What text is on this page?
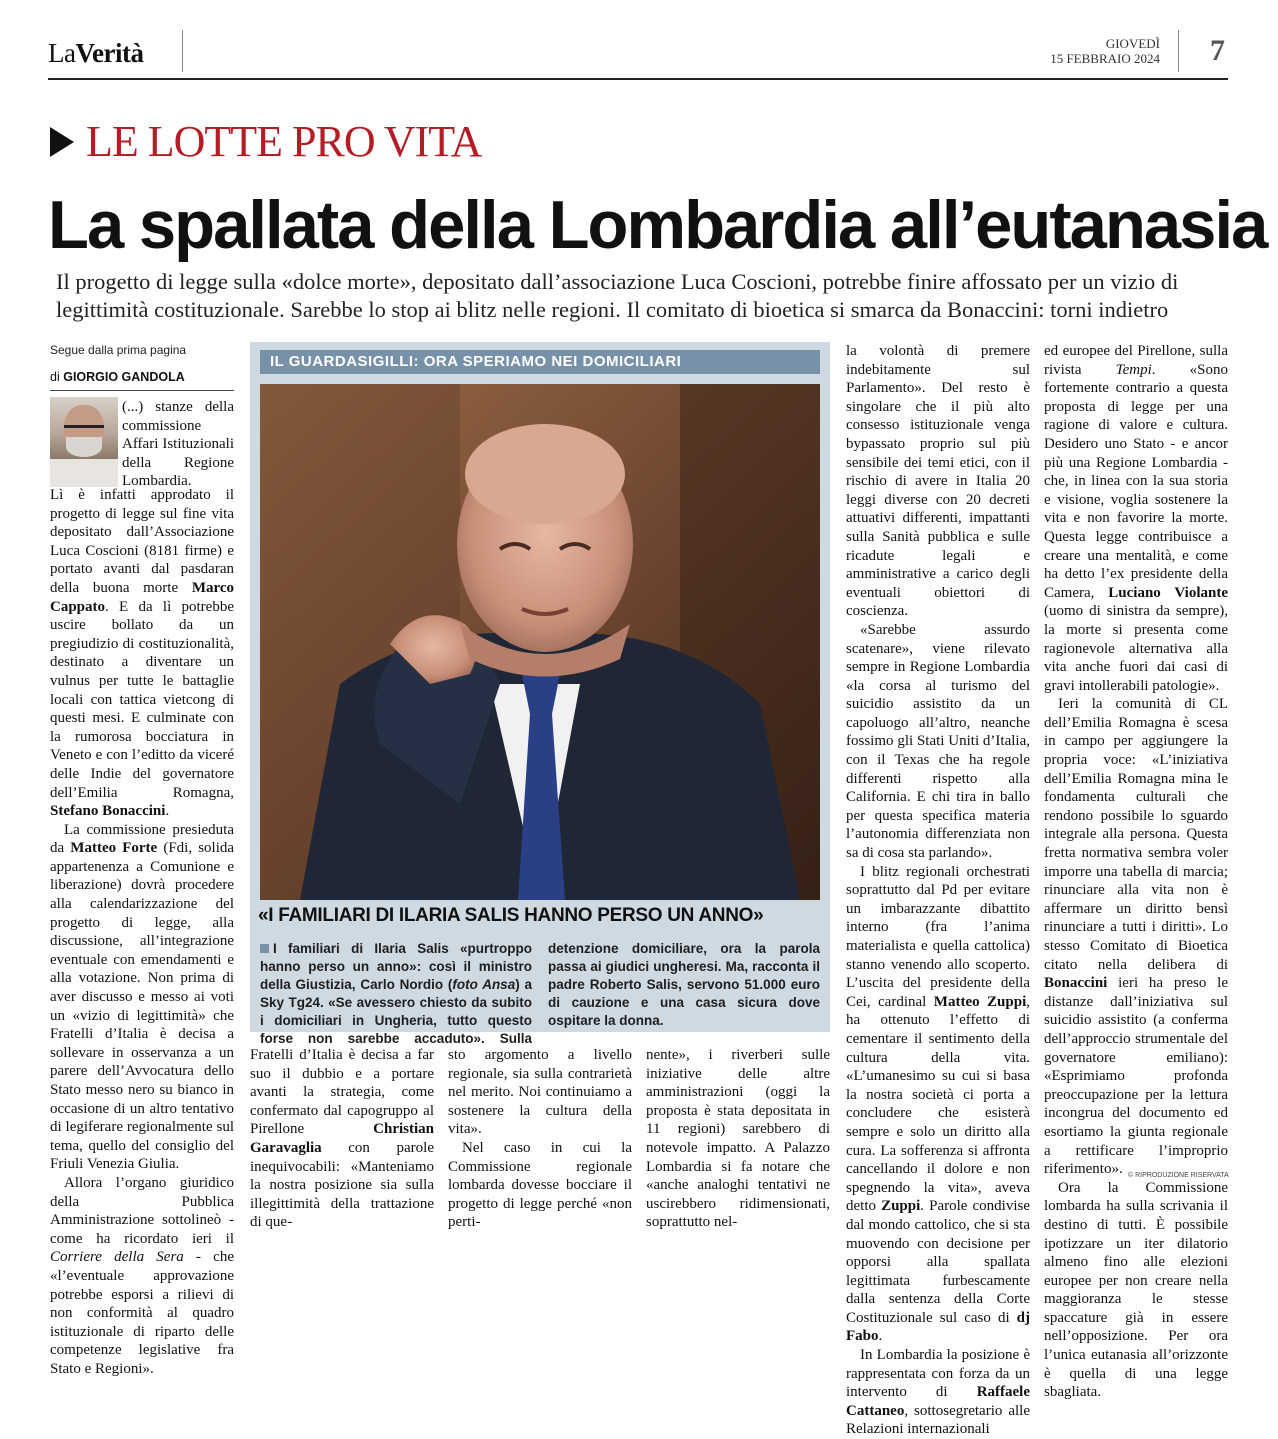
LaVerità	GIOVEDÌ
15 FEBBRAIO 2024 7
LE LOTTE PRO VITA
La spallata della Lombardia all’eutanasia
Il progetto di legge sulla «dolce morte», depositato dall’associazione Luca Coscioni, potrebbe finire affossato per un vizio di legittimità costituzionale. Sarebbe lo stop ai blitz nelle regioni. Il comitato di bioetica si smarca da Bonaccini: torni indietro
Segue dalla prima pagina
di GIORGIO GANDOLA

(...) stanze della commissione Affari Istituzionali della Regione Lombardia.

Lì è infatti approdato il progetto di legge sul fine vita depositato dall’Associazione Luca Coscioni (8181 firme) e portato avanti dal pasdaran della buona morte Marco Cappato. E da lì potrebbe uscire bollato da un pregiudizio di costituzionalità, destinato a diventare un vulnus per tutte le battaglie locali con tattica vietcong di questi mesi. E culminate con la rumorosa bocciatura in Veneto e con l’editto da viceré delle Indie del governatore dell’Emilia Romagna, Stefano Bonaccini.

La commissione presieduta da Matteo Forte (Fdi, solida appartenenza a Comunione e liberazione) dovrà procedere alla calendarizzazione del progetto di legge, alla discussione, all’integrazione eventuale con emendamenti e alla votazione. Non prima di aver discusso e messo ai voti un «vizio di legittimità» che Fratelli d’Italia è decisa a sollevare in osservanza a un parere dell’Avvocatura dello Stato messo nero su bianco in occasione di un altro tentativo di legiferare regionalmente sul tema, quello del consiglio del Friuli Venezia Giulia.

Allora l’organo giuridico della Pubblica Amministrazione sottolineò - come ha ricordato ieri il Corriere della Sera - che «l’eventuale approvazione potrebbe esporsi a rilievi di non conformità al quadro istituzionale di riparto delle competenze legislative fra Stato e Regioni».

IL GUARDASIGILLI: ORA SPERIAMO NEI DOMICILIARI
«I FAMILIARI DI ILARIA SALIS HANNO PERSO UN ANNO»
I familiari di Ilaria Salis «purtroppo hanno perso un anno»: così il ministro della Giustizia, Carlo Nordio (foto Ansa) a Sky Tg24. «Se avessero chiesto da subito i domiciliari in Ungheria, tutto questo forse non sarebbe accaduto». Sulla detenzione domiciliare, ora la parola passa ai giudici ungheresi. Ma, racconta il padre Roberto Salis, servono 51.000 euro di cauzione e una casa sicura dove ospitare la donna.

Fratelli d’Italia è decisa a far suo il dubbio e a portare avanti la strategia, come confermato dal capogruppo al Pirellone	Christian Garavaglia con parole inequivocabili: «Manteniamo la nostra posizione sia sulla illegittimità della trattazione di que-

sto argomento a livello regionale, sia sulla contrarietà nel merito. Noi continuiamo a sostenere la cultura della vita».

Nel caso in cui la Commissione regionale lombarda dovesse bocciare il progetto di legge perché «non perti-

nente», i riverberi sulle iniziative delle altre amministrazioni (oggi la proposta è stata depositata in 11 regioni) sarebbero di notevole impatto. A Palazzo Lombardia si fa notare che «anche analoghi tentativi ne uscirebbero ridimensionati, soprattutto nel-

la volontà di premere indebitamente sul Parlamento». Del resto è singolare che il più alto consesso istituzionale venga bypassato proprio sul più sensibile dei temi etici, con il rischio di avere in Italia 20 leggi diverse con 20 decreti attuativi differenti, impattanti sulla Sanità pubblica e sulle ricadute legali e amministrative a carico degli eventuali obiettori di coscienza.

«Sarebbe assurdo scatenare», viene rilevato sempre in Regione Lombardia «la corsa al turismo del suicidio assistito da un capoluogo all’altro, neanche fossimo gli Stati Uniti d’Italia, con il Texas che ha regole differenti rispetto alla California. E chi tira in ballo per questa specifica materia l’autonomia differenziata non sa di cosa sta parlando».

I blitz regionali orchestrati soprattutto dal Pd per evitare un imbarazzante dibattito interno (fra l’anima materialista e quella cattolica) stanno venendo allo scoperto. L’uscita del presidente della Cei, cardinal Matteo Zuppi, ha ottenuto l’effetto di cementare il sentimento della cultura della vita. «L’umanesimo su cui si basa la nostra società ci porta a concludere che esisterà sempre e solo un diritto alla cura. La sofferenza si affronta cancellando il dolore e non spegnendo la vita», aveva detto Zuppi. Parole condivise dal mondo cattolico, che si sta muovendo con decisione per opporsi alla spallata legittimata furbescamente dalla sentenza della Corte Costituzionale sul caso di dj Fabo.

In Lombardia la posizione è rappresentata con forza da un intervento di Raffaele Cattaneo, sottosegretario alle Relazioni internazionali

ed europee del Pirellone, sulla rivista Tempi. «Sono fortemente contrario a questa proposta di legge per una ragione di valore e cultura. Desidero uno Stato - e ancor più una Regione Lombardia - che, in linea con la sua storia e visione, voglia sostenere la vita e non favorire la morte. Questa legge contribuisce a creare una mentalità, e come ha detto l’ex presidente della Camera, Luciano Violante (uomo di sinistra da sempre), la morte si presenta come ragionevole alternativa alla vita anche fuori dai casi di gravi intollerabili patologie».

Ieri la comunità di CL dell’Emilia Romagna è scesa in campo per aggiungere la propria voce: «L’iniziativa dell’Emilia Romagna mina le fondamenta culturali che rendono possibile lo sguardo integrale alla persona. Questa fretta normativa sembra voler imporre una tabella di marcia; rinunciare alla vita non è affermare un diritto bensì rinunciare a tutti i diritti». Lo stesso Comitato di Bioetica citato nella delibera di Bonaccini ieri ha preso le distanze dall’iniziativa sul suicidio assistito (a conferma dell’approccio strumentale del governatore emiliano): «Esprimiamo profonda preoccupazione per la lettura incongrua del documento ed esortiamo la giunta regionale a rettificare l’improprio riferimento».

Ora la Commissione lombarda ha sulla scrivania il destino di tutti. È possibile ipotizzare un iter dilatorio almeno fino alle elezioni europee per non creare nella maggioranza le stesse spaccature già in essere nell’opposizione. Per ora l’unica eutanasia all’orizzonte è quella di una legge sbagliata.

© RIPRODUZIONE RISERVATA
